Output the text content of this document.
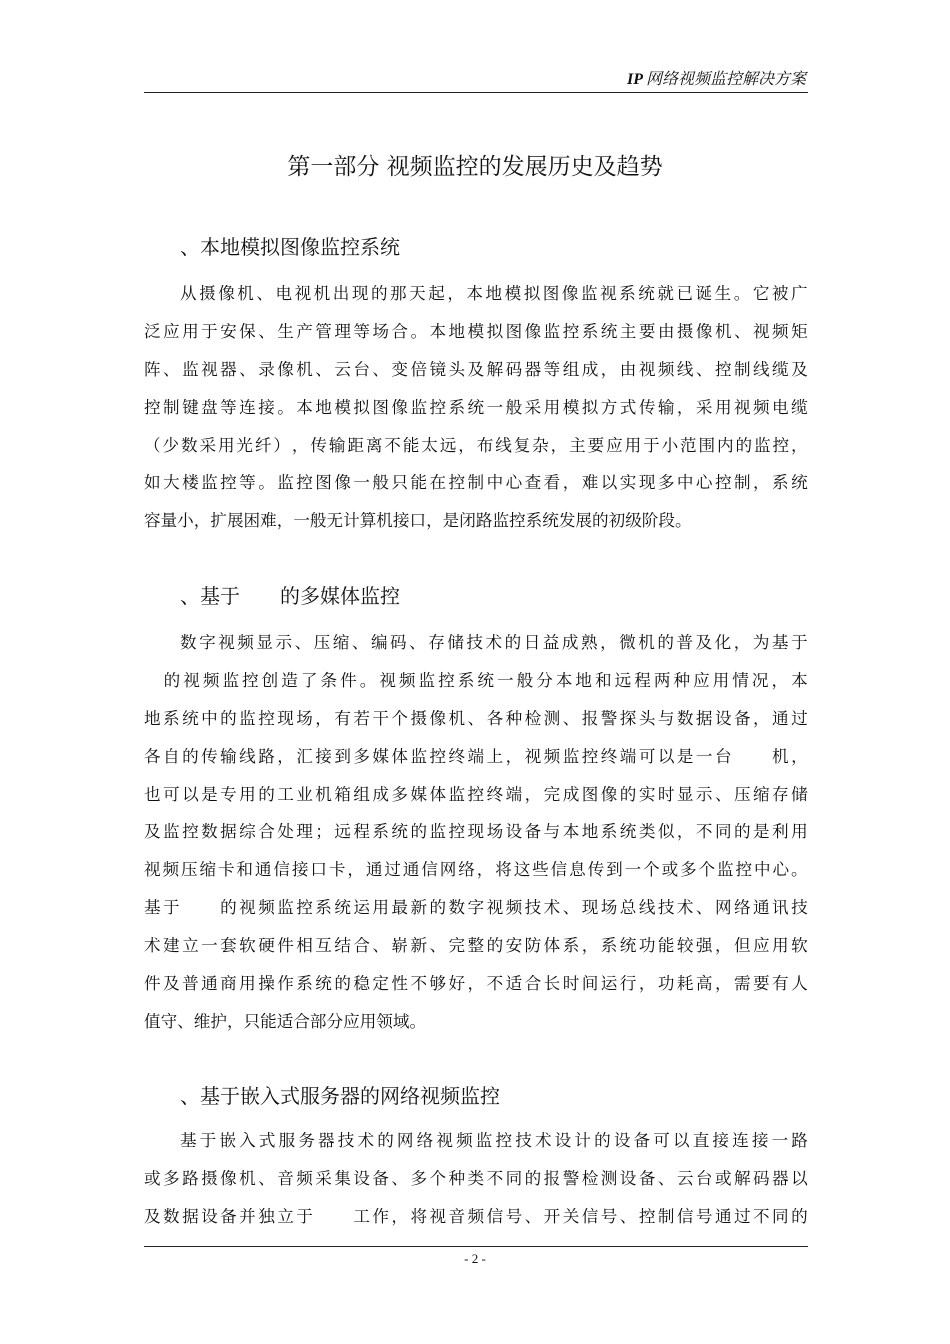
IP 网络视频监控解决方案
第一部分 视频监控的发展历史及趋势
、本地模拟图像监控系统
从 摄 像 机 、 电 视 机 出 现 的 那 天 起 ， 本 地 模 拟 图 像 监 视 系 统 就 已 诞 生 。 它 被 广
泛 应 用 于 安 保 、 生 产 管 理 等 场 合 。 本 地 模 拟 图 像 监 控 系 统 主 要 由 摄 像 机 、 视 频 矩
阵 、 监 视 器 、 录 像 机 、 云 台 、 变 倍 镜 头 及 解 码 器 等 组 成 ， 由 视 频 线 、 控 制 线 缆 及
控 制 键 盘 等 连 接 。 本 地 模 拟 图 像 监 控 系 统 一 般 采 用 模 拟 方 式 传 输 ， 采 用 视 频 电 缆
（ 少 数 采 用 光 纤 ） ， 传 输 距 离 不 能 太 远 ， 布 线 复 杂 ， 主 要 应 用 于 小 范 围 内 的 监 控 ，
如 大 楼 监 控 等 。 监 控 图 像 一 般 只 能 在 控 制 中 心 查 看 ， 难 以 实 现 多 中 心 控 制 ， 系 统
容量小，扩展困难，一般无计算机接口，是闭路监控系统发展的初级阶段。
、基于　　的多媒体监控
数 字 视 频 显 示 、 压 缩 、 编 码 、 存 储 技 术 的 日 益 成 熟 ， 微 机 的 普 及 化 ， 为 基 于

的 视 频 监 控 创 造 了 条 件 。 视 频 监 控 系 统 一 般 分 本 地 和 远 程 两 种 应 用 情 况 ， 本
地 系 统 中 的 监 控 现 场 ， 有 若 干 个 摄 像 机 、 各 种 检 测 、 报 警 探 头 与 数 据 设 备 ， 通 过
各 自 的 传 输 线 路 ， 汇 接 到 多 媒 体 监 控 终 端 上 ， 视 频 监 控 终 端 可 以 是 一 台

　 机 ，
也 可 以 是 专 用 的 工 业 机 箱 组 成 多 媒 体 监 控 终 端 ， 完 成 图 像 的 实 时 显 示 、 压 缩 存 储
及 监 控 数 据 综 合 处 理 ； 远 程 系 统 的 监 控 现 场 设 备 与 本 地 系 统 类 似 ， 不 同 的 是 利 用
视 频 压 缩 卡 和 通 信 接 口 卡 ， 通 过 通 信 网 络 ， 将 这 些 信 息 传 到 一 个 或 多 个 监 控 中 心 。
基 于

　 的 视 频 监 控 系 统 运 用 最 新 的 数 字 视 频 技 术 、 现 场 总 线 技 术 、 网 络 通 讯 技
术 建 立 一 套 软 硬 件 相 互 结 合 、 崭 新 、 完 整 的 安 防 体 系 ， 系 统 功 能 较 强 ， 但 应 用 软
件 及 普 通 商 用 操 作 系 统 的 稳 定 性 不 够 好 ， 不 适 合 长 时 间 运 行 ， 功 耗 高 ， 需 要 有 人
值守、维护，只能适合部分应用领域。
、基于嵌入式服务器的网络视频监控
基 于 嵌 入 式 服 务 器 技 术 的 网 络 视 频 监 控 技 术 设 计 的 设 备 可 以 直 接 连 接 一 路
或 多 路 摄 像 机 、 音 频 采 集 设 备 、 多 个 种 类 不 同 的 报 警 检 测 设 备 、 云 台 或 解 码 器 以
及 数 据 设 备 并 独 立 于

　 工 作 ， 将 视 音 频 信 号 、 开 关 信 号 、 控 制 信 号 通 过 不 同 的
- 2 -
